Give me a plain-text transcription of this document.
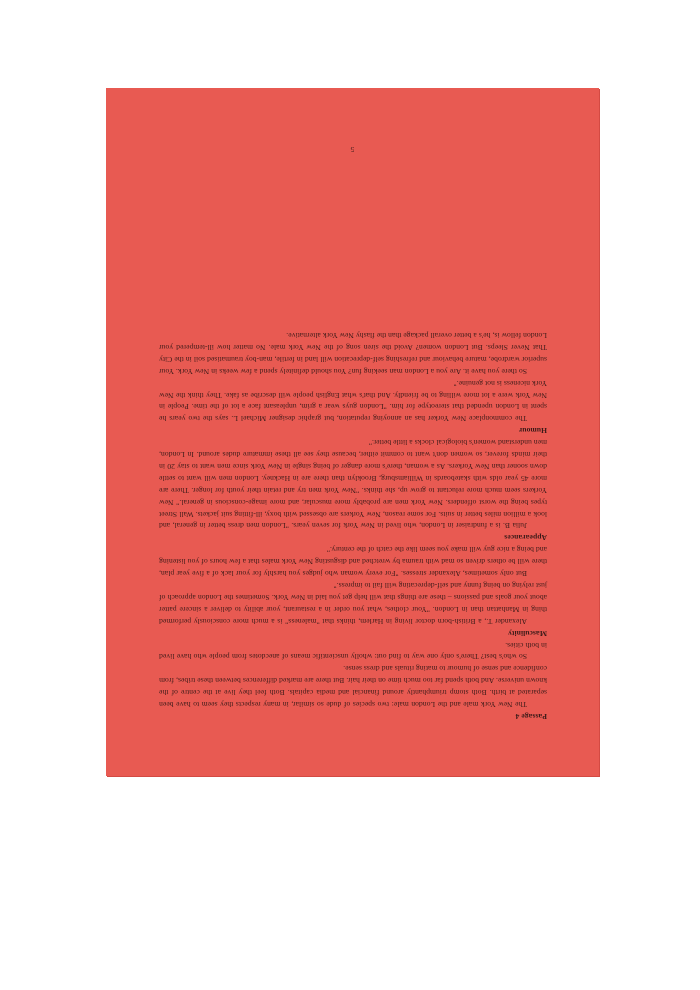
Passage 4

The New York male and the London male: two species of dude so similar, in many respects they seem to have been separated at birth. Both stomp triumphantly around financial and media capitals. Both feel they live at the centre of the known universe. And both spend far too much time on their hair. But there are marked differences between these tribes, from confidence and sense of humour to mating rituals and dress sense.

So who's best? There's only one way to find out: wholly unscientific means of anecdotes from people who have lived in both cities.

Masculinity

Alexander T., a British-born doctor living in Harlem, thinks that "maleness" is a much more consciously performed thing in Manhattan than in London. "Your clothes, what you order in a restaurant, your ability to deliver a sincere patter about your goals and passions – these are things that will help get you laid in New York. Sometimes the London approach of just relying on being funny and self-deprecating will fail to impress."

But only sometimes, Alexander stresses. "For every woman who judges you harshly for your lack of a five year plan, there will be others driven so mad with trauma by wretched and disgusting New York males that a few hours of you listening and being a nice guy will make you seem like the catch of the century."

Appearances

Julia B. is a fundraiser in London, who lived in New York for seven years. "London men dress better in general, and look a million miles better in suits. For some reason, New Yorkers are obsessed with boxy, ill-fitting suit jackets. Wall Street types being the worst offenders. New York men are probably more muscular, and more image-conscious in general." New Yorkers seem much more reluctant to grow up, she thinks. "New York men try and retain their youth for longer. There are more 45 year olds with skateboards in Williamsburg, Brooklyn than there are in Hackney. London men will want to settle down sooner than New Yorkers. As a woman, there's more danger of being single in New York since men want to stay 20 in their minds forever, so women don't want to commit either, because they see all these immature dudes around. In London, men understand women's biological clocks a little better."

Humour

The commonplace New Yorker has an annoying reputation, but graphic designer Michael L. says the two years he spent in London upended that stereotype for him. "London guys wear a grim, unpleasant face a lot of the time. People in New York were a lot more willing to be friendly. And that's what English people will describe as fake. They think the New York niceness is not genuine."

So there you have it. Are you a London man seeking fun? You should definitely spend a few weeks in New York. Your superior wardrobe, mature behaviour and refreshing self-deprecation will land in fertile, man-boy traumatised soil in the City That Never Sleeps. But London women? Avoid the siren song of the New York male. No matter how ill-tempered your London fellow is, he's a better overall package than the flashy New York alternative.

5
